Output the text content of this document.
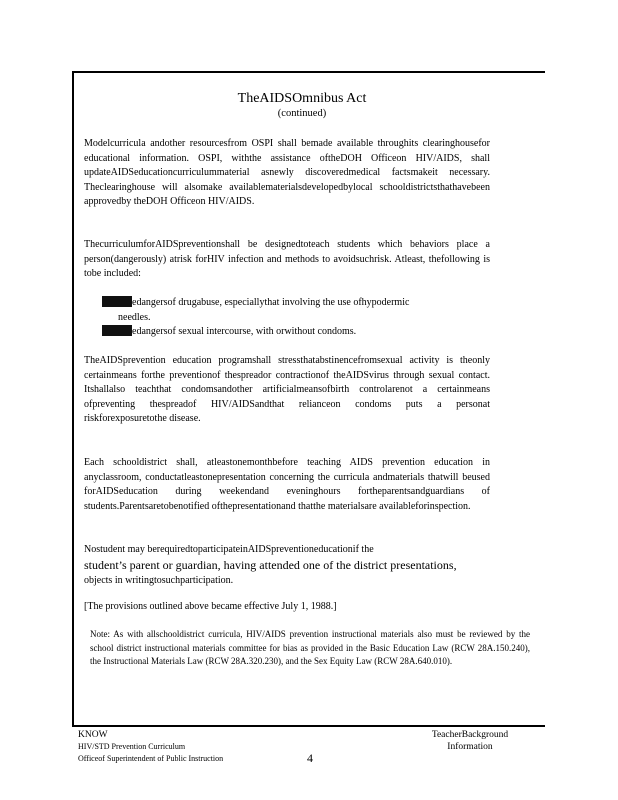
TheAIDSOmnibus Act
(continued)
Modelcurricula andother resourcesfrom OSPI shall bemade available throughits clearinghousefor educational information. OSPI, withthe assistance oftheDOH Officeon HIV/AIDS, shall updateAIDSeducationcurriculummaterial asnewly discoveredmedical factsmakeit necessary. Theclearinghouse will alsomake availablematerialsdevelopedbylocal schooldistrictsthathavebeen approvedby theDOH Officeon HIV/AIDS.
ThecurriculumforAIDSpreventionshall be designedtoteach students which behaviors place a person(dangerously) atrisk forHIV infection and methods to avoidsuchrisk. Atleast, thefollowing is tobe included:
edangersof drugabuse, especiallythat involving the use ofhypodermic
needles.
edangersof sexual intercourse, with orwithout condoms.
TheAIDSprevention education programshall stressthatabstinencefromsexual activity is theonly certainmeans forthe preventionof thespreador contractionof theAIDSvirus through sexual contact. Itshallalso teachthat condomsandother artificialmeansofbirth controlarenot a certainmeans ofpreventing thespreadof HIV/AIDSandthat relianceon condoms puts a personat riskforexposuretothe disease.
Each schooldistrict shall, atleastonemonthbefore teaching AIDS prevention education in anyclassroom, conductatleastonepresentation concerning the curricula andmaterials thatwill beused forAIDSeducation during weekendand eveninghours fortheparentsandguardians of students.Parentsaretobenotified ofthepresentationand thatthe materialsare availableforinspection.
Nostudent may berequiredtoparticipateinAIDSpreventioneducationif the
student’s parent or guardian, having attended one of the district presentations,
objects in writingtosuchparticipation.
[The provisions outlined above became effective July 1, 1988.]
Note: As with allschooldistrict curricula, HIV/AIDS prevention instructional materials also must be reviewed by the school district instructional materials committee for bias as provided in the Basic Education Law (RCW 28A.150.240), the Instructional Materials Law (RCW 28A.320.230), and the Sex Equity Law (RCW 28A.640.010).
KNOW
HIV/STD Prevention Curriculum
Officeof Superintendent of Public Instruction	4
TeacherBackground
Information
